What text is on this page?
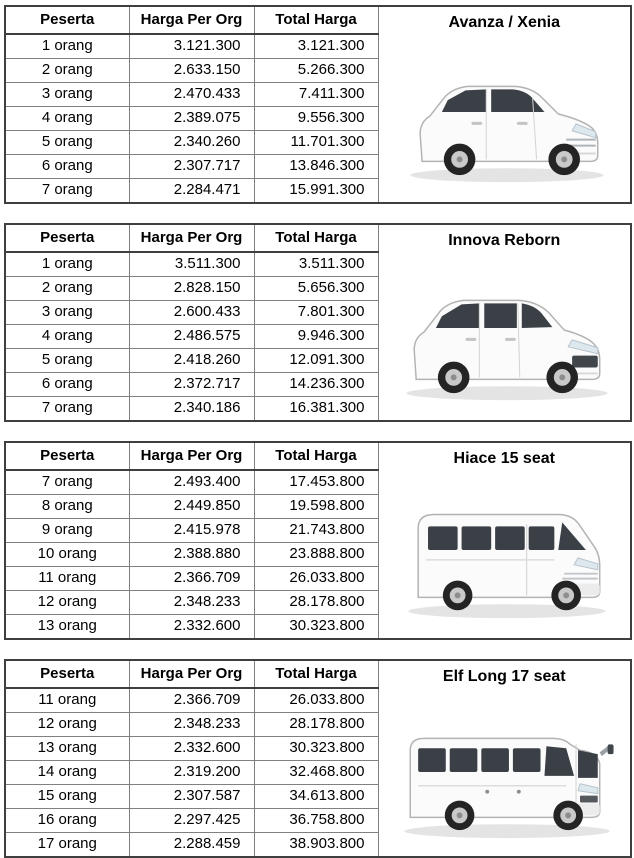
Peserta	Harga Per Org	Total Harga	Avanza / Xenia

1 orang	3.121.300	3.121.300	
2 orang	2.633.150	5.266.300	
3 orang	2.470.433	7.411.300	
4 orang	2.389.075	9.556.300	
5 orang	2.340.260	11.701.300	
6 orang	2.307.717	13.846.300	
7 orang	2.284.471	15.991.300	
Peserta	Harga Per Org	Total Harga	Innova Reborn

1 orang	3.511.300	3.511.300	
2 orang	2.828.150	5.656.300	
3 orang	2.600.433	7.801.300	
4 orang	2.486.575	9.946.300	
5 orang	2.418.260	12.091.300	
6 orang	2.372.717	14.236.300	
7 orang	2.340.186	16.381.300	
Peserta	Harga Per Org	Total Harga	Hiace 15 seat

7 orang	2.493.400	17.453.800	
8 orang	2.449.850	19.598.800	
9 orang	2.415.978	21.743.800	
10 orang	2.388.880	23.888.800	
11 orang	2.366.709	26.033.800	
12 orang	2.348.233	28.178.800	
13 orang	2.332.600	30.323.800	
Peserta	Harga Per Org	Total Harga	Elf Long 17 seat

11 orang	2.366.709	26.033.800	
12 orang	2.348.233	28.178.800	
13 orang	2.332.600	30.323.800	
14 orang	2.319.200	32.468.800	
15 orang	2.307.587	34.613.800	
16 orang	2.297.425	36.758.800	
17 orang	2.288.459	38.903.800	
